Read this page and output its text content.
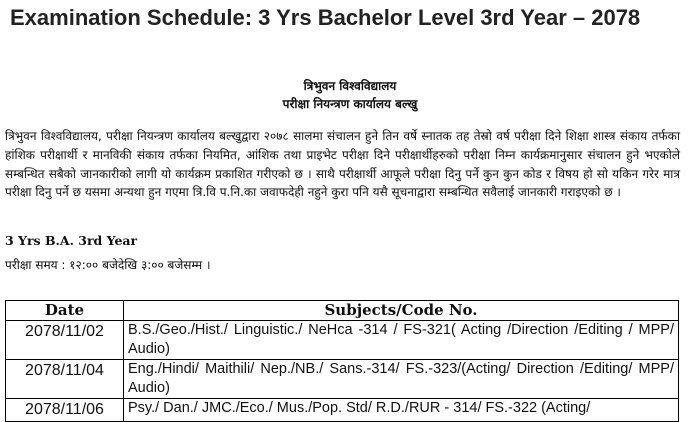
Examination Schedule: 3 Yrs Bachelor Level 3rd Year – 2078
त्रिभुवन विश्वविद्यालय
परीक्षा नियन्त्रण कार्यालय बल्खु

त्रिभुवन विश्वविद्यालय, परीक्षा नियन्त्रण कार्यालय बल्खुद्वारा २०७८ सालमा संचालन हुने तिन वर्षे स्नातक तह तेस्रो वर्ष परीक्षा दिने शिक्षा शास्त्र संकाय तर्फका हांशिक परीक्षार्थी र मानविकी संकाय तर्फका नियमित, आंशिक तथा प्राइभेट परीक्षा दिने परीक्षार्थीहरुको परीक्षा निम्न कार्यक्रमानुसार संचालन हुने भएकोले सम्बन्धित सबैको जानकारीको लागी यो कार्यक्रम प्रकाशित गरीएको छ । साथै परीक्षार्थी आफूले परीक्षा दिनु पर्ने कुन कुन कोड र विषय हो सो यकिन गरेर मात्र परीक्षा दिनु पर्ने छ यसमा अन्यथा हुन गएमा त्रि.वि प.नि.का जवाफदेही नहुने कुरा पनि यसै सूचनाद्वारा सम्बन्धित सवैलाई जानकारी गराइएको छ ।

3 Yrs B.A. 3rd Year
परीक्षा समय : १२:०० बजेदेखि ३:०० बजेसम्म ।
Date	Subjects/Code No.
2078/11/02	B.S./Geo./Hist./ Linguistic./ NeHca -314 / FS-321( Acting /Direction /Editing / MPP/ Audio)
2078/11/04	Eng./Hindi/ Maithili/ Nep./NB./ Sans.-314/ FS.-323/(Acting/ Direction /Editing/ MPP/ Audio)
2078/11/06	Psy./ Dan./ JMC./Eco./ Mus./Pop. Std/ R.D./RUR - 314/ FS.-322 (Acting/
